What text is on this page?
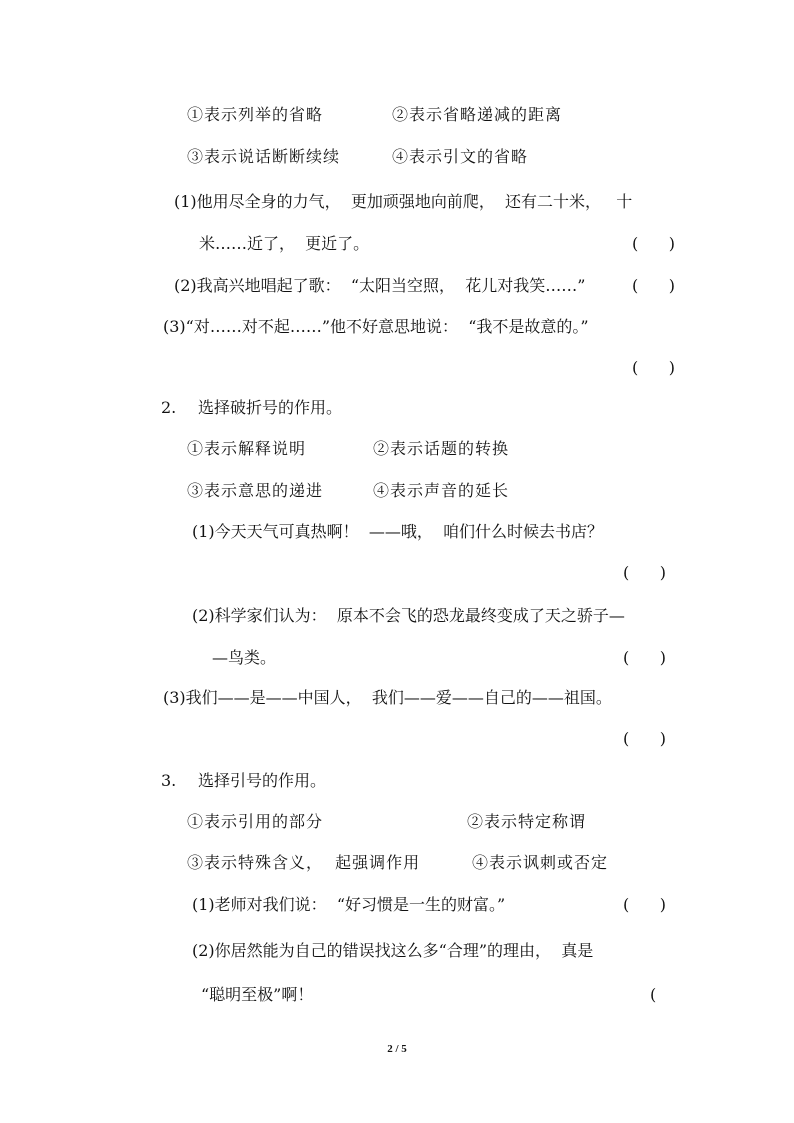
①表示列举的省略	②表示省略递减的距离
③表示说话断断续续	④表示引文的省略
(1)他用尽全身的力气，  更加顽强地向前爬，  还有二十米，   十
米……近了，  更近了。	(      )
(2)我高兴地唱起了歌：  “太阳当空照，  花儿对我笑……”	(      )
(3)“对……对不起……”他不好意思地说：  “我不是故意的。”
(      )
2. 选择破折号的作用。
①表示解释说明	②表示话题的转换
③表示意思的递进	④表示声音的延长
(1)今天天气可真热啊！  ——哦，  咱们什么时候去书店？
(      )
(2)科学家们认为：  原本不会飞的恐龙最终变成了天之骄子—
—鸟类。	(      )
(3)我们——是——中国人，  我们——爱——自己的——祖国。
(      )
3. 选择引号的作用。
①表示引用的部分	②表示特定称谓
③表示特殊含义，  起强调作用	④表示讽刺或否定
(1)老师对我们说：  “好习惯是一生的财富。”	(      )
(2)你居然能为自己的错误找这么多“合理”的理由，  真是
“聪明至极”啊！	(
2 / 5
